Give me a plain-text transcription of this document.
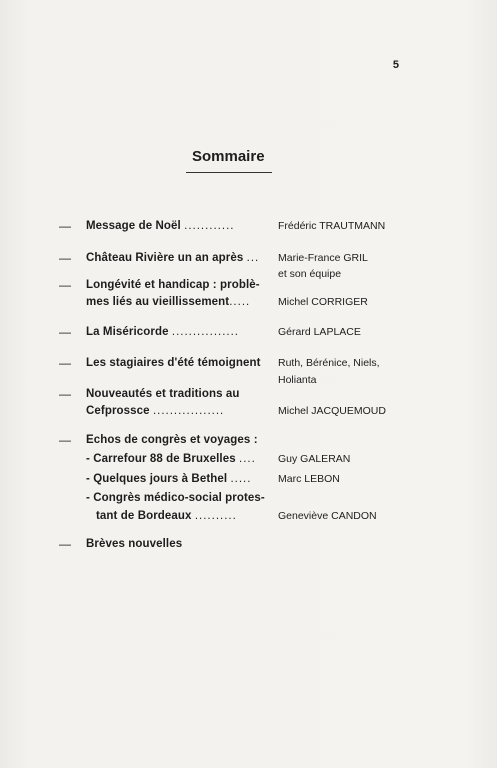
5
Sommaire
— Message de Noël ............	Frédéric TRAUTMANN
— Château Rivière un an après ...	Marie-France GRIL
et son équipe
— Longévité et handicap : problè-
mes liés au vieillissement.....	Michel CORRIGER
— La Miséricorde ................	Gérard LAPLACE
— Les stagiaires d'été témoignent	Ruth, Bérénice, Niels,
Holianta
— Nouveautés et traditions au
Cefprossce .................	Michel JACQUEMOUD
— Echos de congrès et voyages :
- Carrefour 88 de Bruxelles ....	Guy GALERAN
- Quelques jours à Bethel .....	Marc LEBON
- Congrès médico-social protes-
tant de Bordeaux ..........	Geneviève CANDON
— Brèves nouvelles
